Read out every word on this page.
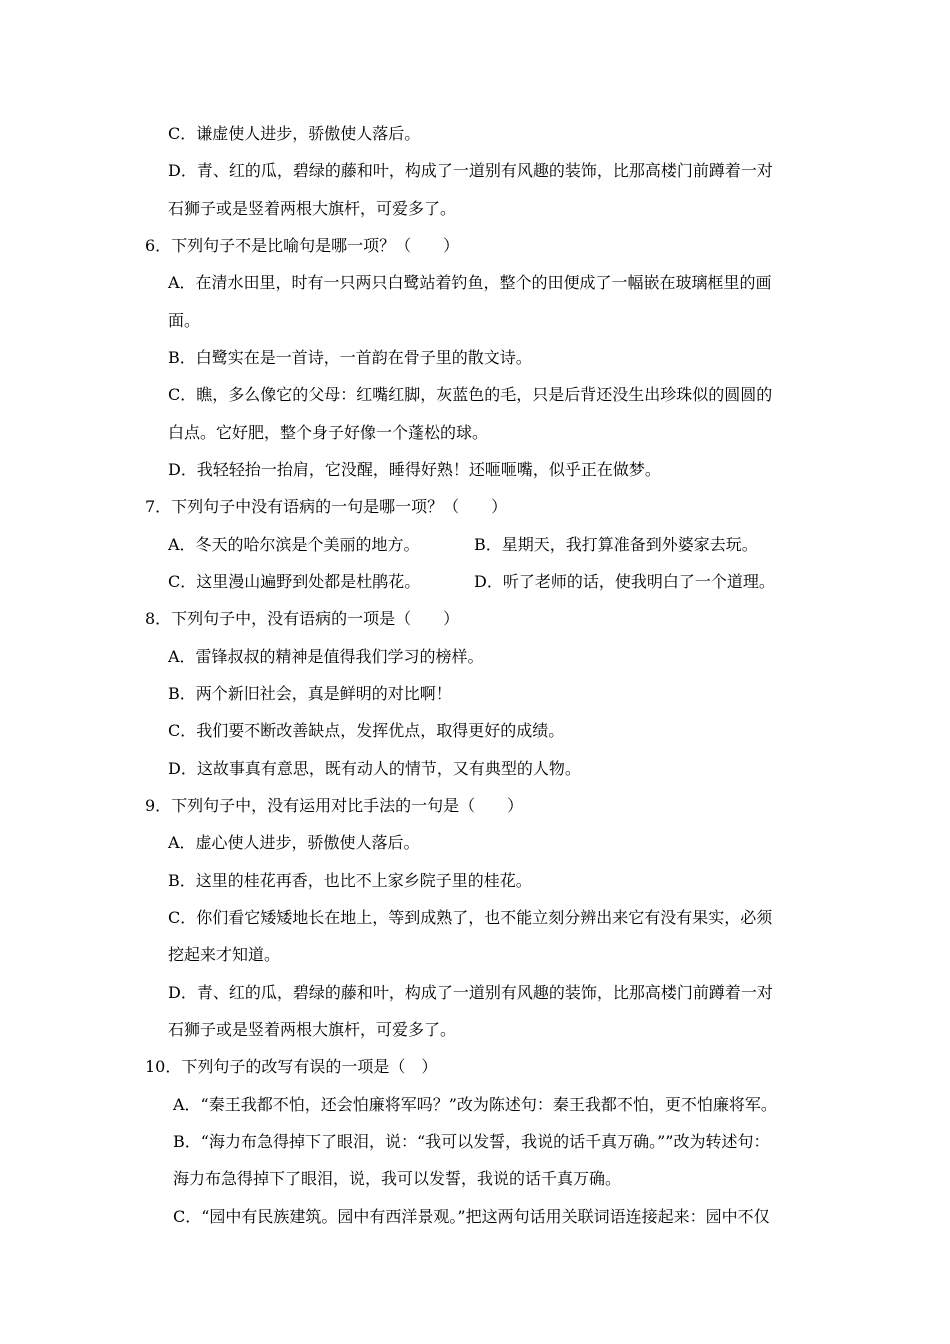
C．谦虚使人进步，骄傲使人落后。
D．青、红的瓜，碧绿的藤和叶，构成了一道别有风趣的装饰，比那高楼门前蹲着一对
石狮子或是竖着两根大旗杆，可爱多了。
6．下列句子不是比喻句是哪一项？（　　）
A．在清水田里，时有一只两只白鹭站着钓鱼，整个的田便成了一幅嵌在玻璃框里的画
面。
B．白鹭实在是一首诗，一首韵在骨子里的散文诗。
C．瞧，多么像它的父母：红嘴红脚，灰蓝色的毛，只是后背还没生出珍珠似的圆圆的
白点。它好肥，整个身子好像一个蓬松的球。
D．我轻轻抬一抬肩，它没醒，睡得好熟！还咂咂嘴，似乎正在做梦。
7．下列句子中没有语病的一句是哪一项？（　　）
A．冬天的哈尔滨是个美丽的地方。	B．星期天，我打算准备到外婆家去玩。
C．这里漫山遍野到处都是杜鹃花。	D．听了老师的话，使我明白了一个道理。
8．下列句子中，没有语病的一项是（　　）
A．雷锋叔叔的精神是值得我们学习的榜样。
B．两个新旧社会，真是鲜明的对比啊！
C．我们要不断改善缺点，发挥优点，取得更好的成绩。
D．这故事真有意思，既有动人的情节，又有典型的人物。
9．下列句子中，没有运用对比手法的一句是（　　）
A．虚心使人进步，骄傲使人落后。
B．这里的桂花再香，也比不上家乡院子里的桂花。
C．你们看它矮矮地长在地上，等到成熟了，也不能立刻分辨出来它有没有果实，必须
挖起来才知道。
D．青、红的瓜，碧绿的藤和叶，构成了一道别有风趣的装饰，比那高楼门前蹲着一对
石狮子或是竖着两根大旗杆，可爱多了。
10．下列句子的改写有误的一项是（　）
A．“秦王我都不怕，还会怕廉将军吗？”改为陈述句：秦王我都不怕，更不怕廉将军。
B．“海力布急得掉下了眼泪，说：“我可以发誓，我说的话千真万确。””改为转述句：
海力布急得掉下了眼泪，说，我可以发誓，我说的话千真万确。
C．“园中有民族建筑。园中有西洋景观。”把这两句话用关联词语连接起来：园中不仅
